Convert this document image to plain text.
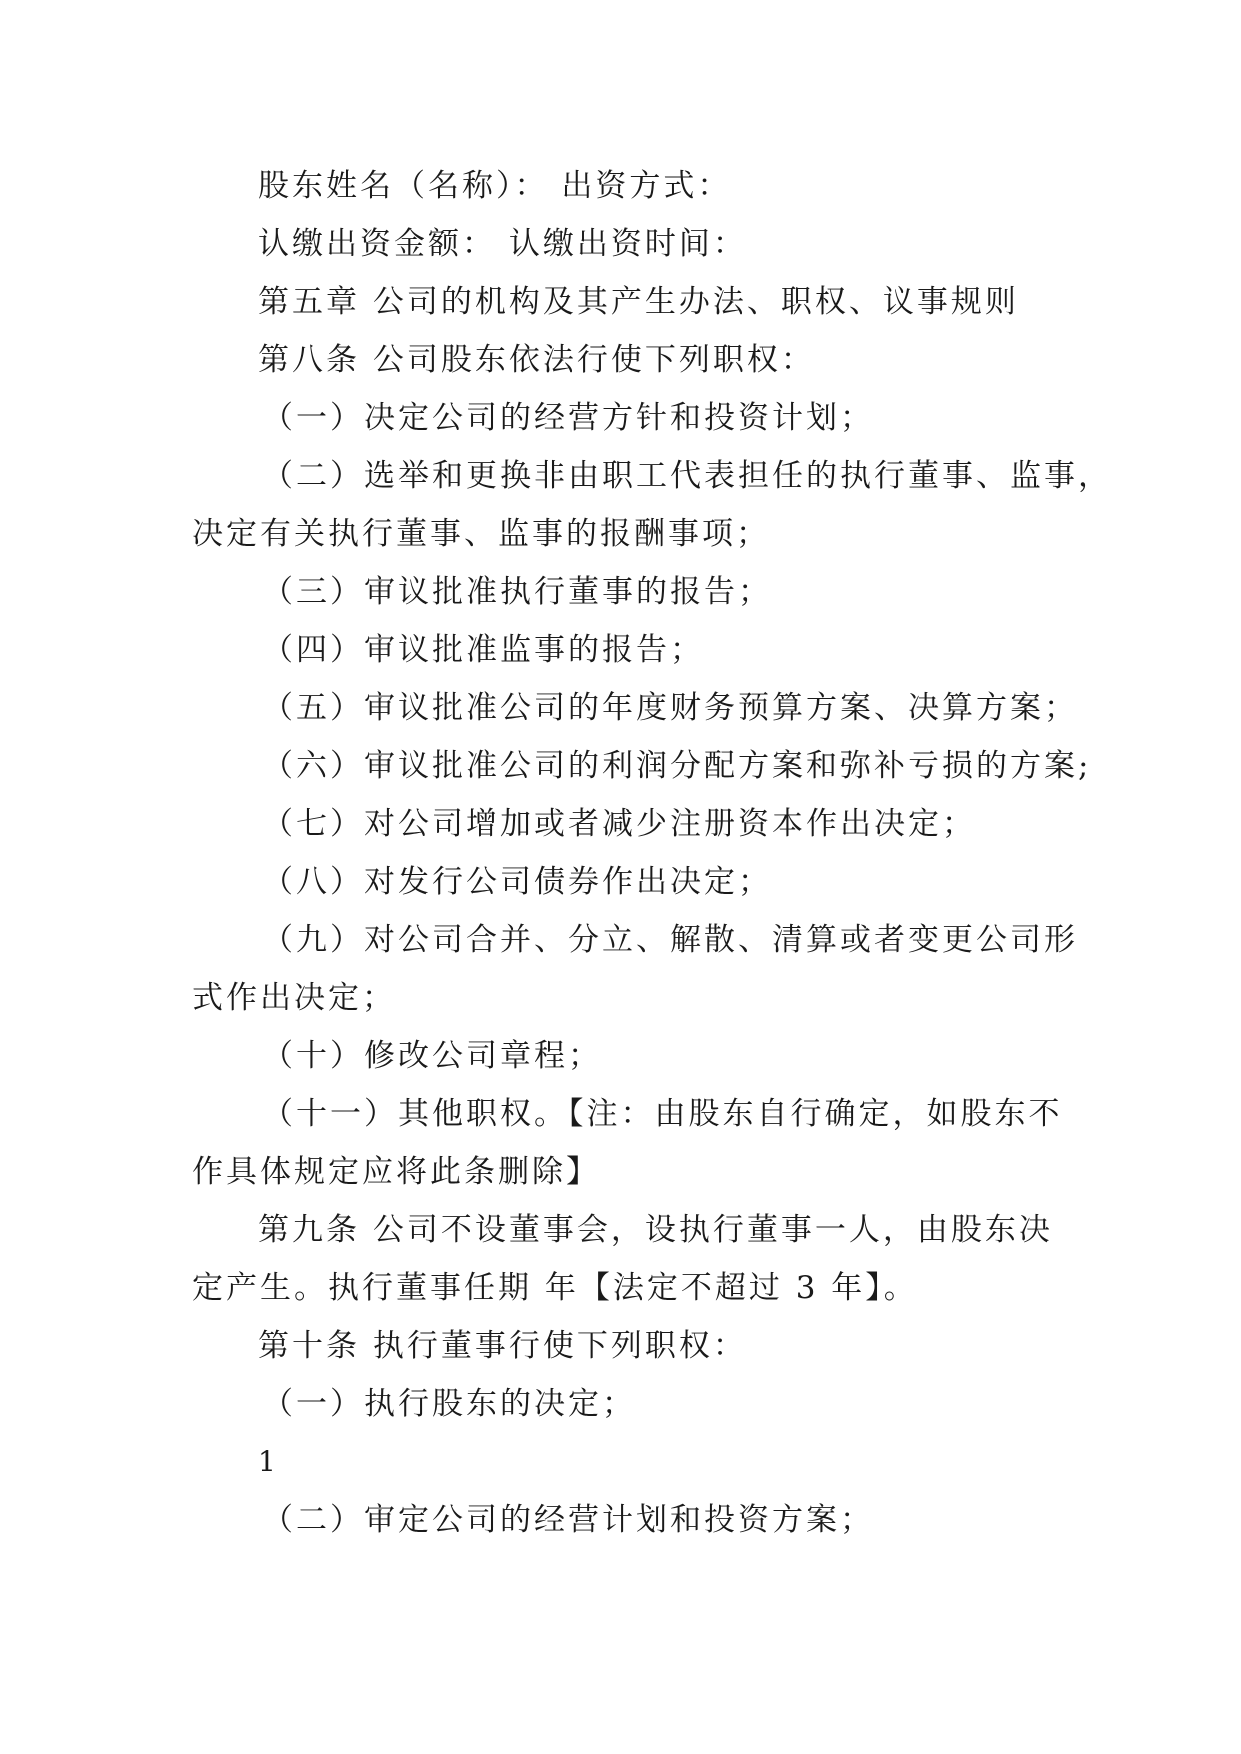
股东姓名（名称）： 出资方式：
认缴出资金额： 认缴出资时间：
第五章 公司的机构及其产生办法、职权、议事规则
第八条 公司股东依法行使下列职权：
（一）决定公司的经营方针和投资计划；
（二）选举和更换非由职工代表担任的执行董事、监事，
决定有关执行董事、监事的报酬事项；
（三）审议批准执行董事的报告；
（四）审议批准监事的报告；
（五）审议批准公司的年度财务预算方案、决算方案；
（六）审议批准公司的利润分配方案和弥补亏损的方案;
（七）对公司增加或者减少注册资本作出决定；
（八）对发行公司债券作出决定；
（九）对公司合并、分立、解散、清算或者变更公司形
式作出决定；
（十）修改公司章程；
（十一）其他职权。【注：由股东自行确定，如股东不
作具体规定应将此条删除】
第九条 公司不设董事会，设执行董事一人，由股东决
定产生。执行董事任期 年【法定不超过 3 年】。
第十条 执行董事行使下列职权：
（一）执行股东的决定；
1
（二）审定公司的经营计划和投资方案；
